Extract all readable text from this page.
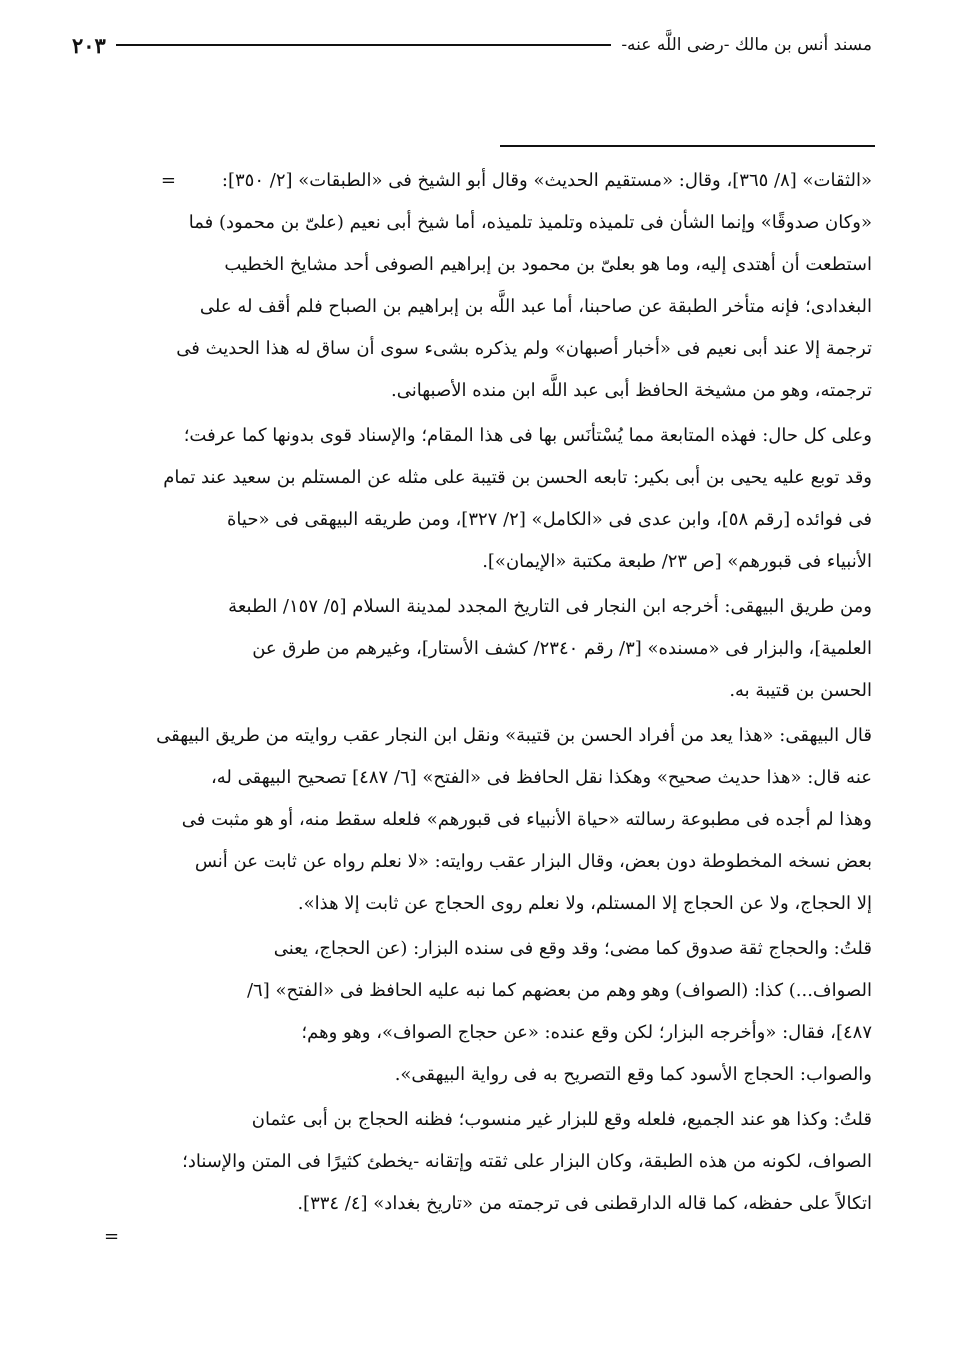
مسند أنس بن مالك -رضى اللَّه عنه-
٢٠٣
=	«الثقات» [٨/ ٣٦٥]، وقال: «مستقيم الحديث» وقال أبو الشيخ فى «الطبقات» [٢/ ٣٥٠]:
«وكان صدوقًا» وإنما الشأن فى تلميذه وتلميذ تلميذه، أما شيخ أبى نعيم (علىّ بن محمود) فما
استطعت أن أهتدى إليه، وما هو بعلىّ بن محمود بن إبراهيم الصوفى أحد مشايخ الخطيب
البغدادى؛ فإنه متأخر الطبقة عن صاحبنا، أما عبد اللَّه بن إبراهيم بن الصباح فلم أقف له على
ترجمة إلا عند أبى نعيم فى «أخبار أصبهان» ولم يذكره بشىء سوى أن ساق له هذا الحديث فى
ترجمته، وهو من مشيخة الحافظ أبى عبد اللَّه ابن منده الأصبهانى.
وعلى كل حال: فهذه المتابعة مما يُسْتأنَس بها فى هذا المقام؛ والإسناد قوى بدونها كما عرفت؛
وقد توبع عليه يحيى بن أبى بكير: تابعه الحسن بن قتيبة على مثله عن المستلم بن سعيد عند تمام
فى فوائده [رقم ٥٨]، وابن عدى فى «الكامل» [٢/ ٣٢٧]، ومن طريقه البيهقى فى «حياة
الأنبياء فى قبورهم» [ص ٢٣/ طبعة مكتبة «الإيمان»].
ومن طريق البيهقى: أخرجه ابن النجار فى التاريخ المجدد لمدينة السلام [٥/ ١٥٧/ الطبعة
العلمية]، والبزار فى «مسنده» [٣/ رقم ٢٣٤٠/ كشف الأستار]، وغيرهم من طرق عن
الحسن بن قتيبة به.
قال البيهقى: «هذا يعد من أفراد الحسن بن قتيبة» ونقل ابن النجار عقب روايته من طريق البيهقى
عنه قال: «هذا حديث صحيح» وهكذا نقل الحافظ فى «الفتح» [٦/ ٤٨٧] تصحيح البيهقى له،
وهذا لم أجده فى مطبوعة رسالته «حياة الأنبياء فى قبورهم» فلعله سقط منه، أو هو مثبت فى
بعض نسخه المخطوطة دون بعض، وقال البزار عقب روايته: «لا نعلم رواه عن ثابت عن أنس
إلا الحجاج، ولا عن الحجاج إلا المستلم، ولا نعلم روى الحجاج عن ثابت إلا هذا».
قلتُ: والحجاج ثقة صدوق كما مضى؛ وقد وقع فى سنده البزار: (عن الحجاج، يعنى
الصواف...) كذا: (الصواف) وهو وهم من بعضهم كما نبه عليه الحافظ فى «الفتح» [٦/
٤٨٧]، فقال: «وأخرجه البزار؛ لكن وقع عنده: «عن حجاج الصواف»، وهو وهم؛
والصواب: الحجاج الأسود كما وقع التصريح به فى رواية البيهقى».
قلتُ: وكذا هو عند الجميع، فلعله وقع للبزار غير منسوب؛ فظنه الحجاج بن أبى عثمان
الصواف، لكونه من هذه الطبقة، وكان البزار على ثقته وإتقانه -يخطئ كثيرًا فى المتن والإسناد؛
اتكالاً على حفظه، كما قاله الدارقطنى فى ترجمته من «تاريخ بغداد» [٤/ ٣٣٤].
=
